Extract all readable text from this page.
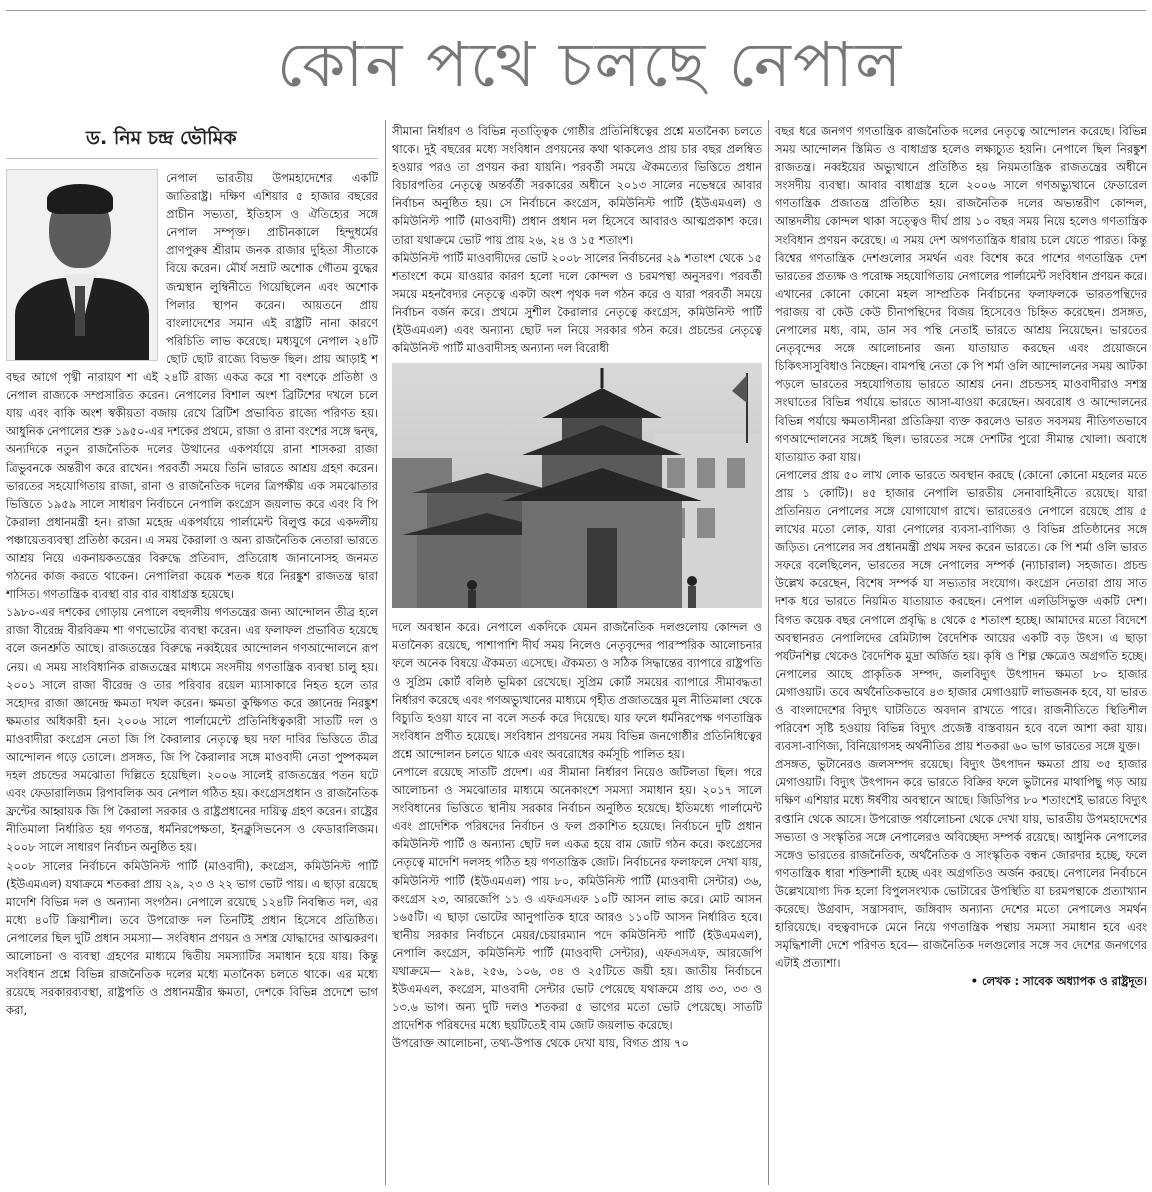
কোন পথে চলছে নেপাল
ড. নিম চন্দ্র ভৌমিক

নেপাল ভারতীয় উপমহাদেশের একটি জাতিরাষ্ট্র। দক্ষিণ এশিয়ার ৫ হাজার বছরের প্রাচীন সভ্যতা, ইতিহাস ও ঐতিহ্যের সঙ্গে নেপাল সম্পৃক্ত। প্রাচীনকালে হিন্দুধর্মের প্রাণপুরুষ শ্রীরাম জনক রাজার দুহিতা সীতাকে বিয়ে করেন। মৌর্য সম্রাট অশোক গৌতম বুদ্ধের জন্মস্থান লুম্বিনীতে গিয়েছিলেন এবং অশোক পিলার স্থাপন করেন। আয়তনে প্রায় বাংলাদেশের সমান এই রাষ্ট্রটি নানা কারণে পরিচিতি লাভ করেছে। মধ্যযুগে নেপাল ২৪টি ছোট ছোট রাজ্যে বিভক্ত ছিল। প্রায় আড়াই শ বছর আগে পৃথ্বী নারায়ণ শা এই ২৪টি রাজ্য একত্র করে শা বংশকে প্রতিষ্ঠা ও নেপাল রাজ্যকে সম্প্রসারিত করেন। নেপালের বিশাল অংশ ব্রিটিশের দখলে চলে যায় এবং বাকি অংশ স্বকীয়তা বজায় রেখে ব্রিটিশ প্রভাবিত রাজ্যে পরিণত হয়। আধুনিক নেপালের শুরু ১৯৫০-এর দশকের প্রথমে, রাজা ও রানা বংশের সঙ্গে দ্বন্দ্ব, অন্যদিকে নতুন রাজনৈতিক দলের উত্থানের একপর্যায়ে রানা শাসকরা রাজা ত্রিভুবনকে অন্তরীণ করে রাখেন। পরবর্তী সময়ে তিনি ভারতে আশ্রয় গ্রহণ করেন। ভারতের সহযোগিতায় রাজা, রানা ও রাজনৈতিক দলের ত্রিপক্ষীয় এক সমঝোতার ভিত্তিতে ১৯৫৯ সালে সাধারণ নির্বাচনে নেপালি কংগ্রেস জয়লাভ করে এবং বি পি কৈরালা প্রধানমন্ত্রী হন। রাজা মহেন্দ্র একপর্যায়ে পার্লামেন্ট বিলুপ্ত করে একদলীয় পঞ্চায়েতব্যবস্থা প্রতিষ্ঠা করেন। এ সময় কৈরালা ও অন্য রাজনৈতিক নেতারা ভারতে আশ্রয় নিয়ে একনায়কতন্ত্রের বিরুদ্ধে প্রতিবাদ, প্রতিরোধ জানানোসহ জনমত গঠনের কাজ করতে থাকেন। নেপালিরা কয়েক শতক ধরে নিরঙ্কুশ রাজতন্ত্র দ্বারা শাসিত। গণতান্ত্রিক ব্যবস্থা বার বার বাধাগ্রস্ত হয়েছে।

১৯৮০-এর দশকের গোড়ায় নেপালে বহুদলীয় গণতন্ত্রের জন্য আন্দোলন তীব্র হলে রাজা বীরেন্দ্র বীরবিক্রম শা গণভোটের ব্যবস্থা করেন। এর ফলাফল প্রভাবিত হয়েছে বলে জনশ্রুতি আছে। রাজতন্ত্রের বিরুদ্ধে নব্বইয়ের আন্দোলন গণআন্দোলনে রূপ নেয়। এ সময় সাংবিধানিক রাজতন্ত্রের মাধ্যমে সংসদীয় গণতান্ত্রিক ব্যবস্থা চালু হয়। ২০০১ সালে রাজা বীরেন্দ্র ও তার পরিবার রয়েল ম্যাসাকারে নিহত হলে তার সহোদর রাজা জ্ঞানেন্দ্র ক্ষমতা দখল করেন। ক্ষমতা কুক্ষিগত করে জ্ঞানেন্দ্র নিরঙ্কুশ ক্ষমতার অধিকারী হন। ২০০৬ সালে পার্লামেন্টে প্রতিনিধিত্বকারী সাতটি দল ও মাওবাদীরা কংগ্রেস নেতা জি পি কৈরালার নেতৃত্বে ছয় দফা দাবির ভিত্তিতে তীব্র আন্দোলন গড়ে তোলে। প্রসঙ্গত, জি পি কৈরালার সঙ্গে মাওবাদী নেতা পুষ্পকমল দহল প্রচন্ডের সমঝোতা দিল্লিতে হয়েছিল। ২০০৬ সালেই রাজতন্ত্রের পতন ঘটে এবং ফেডারালিজম রিপাবলিক অব নেপাল গঠিত হয়। কংগ্রেসপ্রধান ও রাজনৈতিক ফ্রন্টের আহ্বায়ক জি পি কৈরালা সরকার ও রাষ্ট্রপ্রধানের দায়িত্ব গ্রহণ করেন। রাষ্ট্রের নীতিমালা নির্ধারিত হয় গণতন্ত্র, ধর্মনিরপেক্ষতা, ইনক্লুসিভনেস ও ফেডারালিজম। ২০০৮ সালে সাধারণ নির্বাচন অনুষ্ঠিত হয়।

২০০৮ সালের নির্বাচনে কমিউনিস্ট পার্টি (মাওবাদী), কংগ্রেস, কমিউনিস্ট পার্টি (ইউএমএল) যথাক্রমে শতকরা প্রায় ২৯, ২৩ ও ২২ ভাগ ভোট পায়। এ ছাড়া রয়েছে মাদেশি বিভিন্ন দল ও অন্যান্য সংগঠন। নেপালে রয়েছে ১২৪টি নিবন্ধিত দল, এর মধ্যে ৪০টি ক্রিয়াশীল। তবে উপরোক্ত দল তিনটিই প্রধান হিসেবে প্রতিষ্ঠিত। নেপালের ছিল দুটি প্রধান সমস্যা— সংবিধান প্রণয়ন ও সশস্ত্র যোদ্ধাদের আত্মকরণ। আলোচনা ও ব্যবস্থা গ্রহণের মাধ্যমে দ্বিতীয় সমস্যাটির সমাধান হয়ে যায়। কিন্তু সংবিধান প্রশ্নে বিভিন্ন রাজনৈতিক দলের মধ্যে মতানৈক্য চলতে থাকে। এর মধ্যে রয়েছে সরকারব্যবস্থা, রাষ্ট্রপতি ও প্রধানমন্ত্রীর ক্ষমতা, দেশকে বিভিন্ন প্রদেশে ভাগ করা,

সীমানা নির্ধারণ ও বিভিন্ন নৃতাত্ত্বিক গোষ্ঠীর প্রতিনিধিত্বের প্রশ্নে মতানৈক্য চলতে থাকে। দুই বছরের মধ্যে সংবিধান প্রণয়নের কথা থাকলেও প্রায় চার বছর প্রলম্বিত হওয়ার পরও তা প্রণয়ন করা যায়নি। পরবর্তী সময়ে ঐকমত্যের ভিত্তিতে প্রধান বিচারপতির নেতৃত্বে অন্তর্বর্তী সরকারের অধীনে ২০১৩ সালের নভেম্বরে আবার নির্বাচন অনুষ্ঠিত হয়। সে নির্বাচনে কংগ্রেস, কমিউনিস্ট পার্টি (ইউএমএল) ও কমিউনিস্ট পার্টি (মাওবাদী) প্রধান প্রধান দল হিসেবে আবারও আত্মপ্রকাশ করে। তারা যথাক্রমে ভোট পায় প্রায় ২৬, ২৪ ও ১৫ শতাংশ।

কমিউনিস্ট পার্টি মাওবাদীদের ভোট ২০০৮ সালের নির্বাচনের ২৯ শতাংশ থেকে ১৫ শতাংশে কমে যাওয়ার কারণ হলো দলে কোন্দল ও চরমপন্থা অনুসরণ। পরবর্তী সময়ে মহনবৈদ্যর নেতৃত্বে একটা অংশ পৃথক দল গঠন করে ও যারা পরবর্তী সময়ে নির্বাচন বর্জন করে। প্রথমে সুশীল কৈরালার নেতৃত্বে কংগ্রেস, কমিউনিস্ট পার্টি (ইউএমএল) এবং অন্যান্য ছোট দল নিয়ে সরকার গঠন করে। প্রচন্ডের নেতৃত্বে কমিউনিস্ট পার্টি মাওবাদীসহ অন্যান্য দল বিরোধী

দলে অবস্থান করে। নেপালে একদিকে যেমন রাজনৈতিক দলগুলোয় কোন্দল ও মতানৈক্য রয়েছে, পাশাপাশি দীর্ঘ সময় নিলেও নেতৃবৃন্দের পারস্পরিক আলোচনার ফলে অনেক বিষয়ে ঐকমত্য এসেছে। ঐকমত্য ও সঠিক সিদ্ধান্তের ব্যাপারে রাষ্ট্রপতি ও সুপ্রিম কোর্ট বলিষ্ঠ ভূমিকা রেখেছে। সুপ্রিম কোর্ট সময়ের ব্যাপারে সীমাবদ্ধতা নির্ধারণ করেছে এবং গণঅভ্যুত্থানের মাধ্যমে গৃহীত প্রজাতন্ত্রের মূল নীতিমালা থেকে বিচ্যুতি হওয়া যাবে না বলে সতর্ক করে দিয়েছে। যার ফলে ধর্মনিরপেক্ষ গণতান্ত্রিক সংবিধান প্রণীত হয়েছে। সংবিধান প্রণয়নের সময় বিভিন্ন জনগোষ্ঠীর প্রতিনিধিত্বের প্রশ্নে আন্দোলন চলতে থাকে এবং অবরোধের কর্মসূচি পালিত হয়।

নেপালে রয়েছে সাতটি প্রদেশ। এর সীমানা নির্ধারণ নিয়েও জটিলতা ছিল। পরে আলোচনা ও সমঝোতার মাধ্যমে অনেকাংশে সমস্যা সমাধান হয়। ২০১৭ সালে সংবিধানের ভিত্তিতে স্থানীয় সরকার নির্বাচন অনুষ্ঠিত হয়েছে। ইতিমধ্যে পার্লামেন্ট এবং প্রাদেশিক পরিষদের নির্বাচন ও ফল প্রকাশিত হয়েছে। নির্বাচনে দুটি প্রধান কমিউনিস্ট পার্টি ও অন্যান্য ছোট দল একত্র হয়ে বাম জোট গঠন করে। কংগ্রেসের নেতৃত্বে মাদেশি দলসহ গঠিত হয় গণতান্ত্রিক জোট। নির্বাচনের ফলাফলে দেখা যায়, কমিউনিস্ট পার্টি (ইউএমএল) পায় ৮০, কমিউনিস্ট পার্টি (মাওবাদী সেন্টার) ৩৬, কংগ্রেস ২৩, আরজেপি ১১ ও এফএসএফ ১০টি আসন লাভ করে। মোট আসন ১৬৫টি। এ ছাড়া ভোটের আনুপাতিক হারে আরও ১১০টি আসন নির্ধারিত হবে। স্থানীয় সরকার নির্বাচনে মেয়র/চেয়ারম্যান পদে কমিউনিস্ট পার্টি (ইউএমএল), নেপালি কংগ্রেস, কমিউনিস্ট পার্টি (মাওবাদী সেন্টার), এফএসএফ, আরজেপি যথাক্রমে— ২৯৪, ২৫৬, ১০৬, ৩৪ ও ২৫টিতে জয়ী হয়। জাতীয় নির্বাচনে ইউএমএল, কংগ্রেস, মাওবাদী সেন্টার ভোট পেয়েছে যথাক্রমে প্রায় ৩৩, ৩৩ ও ১৩.৬ ভাগ। অন্য দুটি দলও শতকরা ৫ ভাগের মতো ভোট পেয়েছে। সাতটি প্রাদেশিক পরিষদের মধ্যে ছয়টিতেই বাম জোট জয়লাভ করেছে।

উপরোক্ত আলোচনা, তথ্য-উপাত্ত থেকে দেখা যায়, বিগত প্রায় ৭০

বছর ধরে জনগণ গণতান্ত্রিক রাজনৈতিক দলের নেতৃত্বে আন্দোলন করেছে। বিভিন্ন সময় আন্দোলন স্তিমিত ও বাধাগ্রস্ত হলেও লক্ষ্যচ্যুত হয়নি। নেপালে ছিল নিরঙ্কুশ রাজতন্ত্র। নব্বইয়ের অভ্যুত্থানে প্রতিষ্ঠিত হয় নিয়মতান্ত্রিক রাজতন্ত্রের অধীনে সংসদীয় ব্যবস্থা। আবার বাধাগ্রস্ত হলে ২০০৬ সালে গণঅভ্যুত্থানে ফেডারেল গণতান্ত্রিক প্রজাতন্ত্র প্রতিষ্ঠিত হয়। রাজনৈতিক দলের অভ্যন্তরীণ কোন্দল, আন্তদলীয় কোন্দল থাকা সত্ত্বেও দীর্ঘ প্রায় ১০ বছর সময় নিয়ে হলেও গণতান্ত্রিক সংবিধান প্রণয়ন করেছে। এ সময় দেশ অগণতান্ত্রিক ধারায় চলে যেতে পারত। কিন্তু বিশ্বের গণতান্ত্রিক দেশগুলোর সমর্থন এবং বিশেষ করে পাশের গণতান্ত্রিক দেশ ভারতের প্রত্যক্ষ ও পরোক্ষ সহযোগিতায় নেপালের পার্লামেন্ট সংবিধান প্রণয়ন করে। এখানের কোনো কোনো মহল সাম্প্রতিক নির্বাচনের ফলাফলকে ভারতপন্থিদের পরাজয় বা কেউ কেউ চীনাপন্থিদের বিজয় হিসেবেও চিহ্নিত করেছেন। প্রসঙ্গত, নেপালের মধ্য, বাম, ডান সব পন্থি নেতাই ভারতে আশ্রয় নিয়েছেন। ভারতের নেতৃবৃন্দের সঙ্গে আলোচনার জন্য যাতায়াত করছেন এবং প্রয়োজনে চিকিৎসাসুবিধাও নিচ্ছেন। বামপন্থি নেতা কে পি শর্মা ওলি আন্দোলনের সময় আটকা পড়লে ভারতের সহযোগিতায় ভারতে আশ্রয় নেন। প্রচন্ডসহ মাওবাদীরাও সশস্ত্র সংঘাতের বিভিন্ন পর্যায়ে ভারতে আসা-যাওয়া করেছেন। অবরোধ ও আন্দোলনের বিভিন্ন পর্যায়ে ক্ষমতাসীনরা প্রতিক্রিয়া ব্যক্ত করলেও ভারত সবসময় নীতিগতভাবে গণআন্দোলনের সঙ্গেই ছিল। ভারতের সঙ্গে দেশটির পুরো সীমান্ত খোলা। অবাধে যাতায়াত করা যায়।

নেপালের প্রায় ৫০ লাখ লোক ভারতে অবস্থান করছে (কোনো কোনো মহলের মতে প্রায় ১ কোটি)। ৪৫ হাজার নেপালি ভারতীয় সেনাবাহিনীতে রয়েছে। যারা প্রতিনিয়ত নেপালের সঙ্গে যোগাযোগ রাখে। ভারতেরও নেপালে রয়েছে প্রায় ৫ লাখের মতো লোক, যারা নেপালের ব্যবসা-বাণিজ্য ও বিভিন্ন প্রতিষ্ঠানের সঙ্গে জড়িত। নেপালের সব প্রধানমন্ত্রী প্রথম সফর করেন ভারতে। কে পি শর্মা ওলি ভারত সফরে বলেছিলেন, ভারতের সঙ্গে নেপালের সম্পর্ক (ন্যাচারাল) সহজাত। প্রচন্ড উল্লেখ করেছেন, বিশেষ সম্পর্ক যা সভ্যতার সংযোগ। কংগ্রেস নেতারা প্রায় সাত দশক ধরে ভারতে নিয়মিত যাতায়াত করছেন। নেপাল এলডিসিভুক্ত একটি দেশ। বিগত কয়েক বছর নেপালে প্রবৃদ্ধি ৪ থেকে ৫ শতাংশ হচ্ছে। আমাদের মতো বিদেশে অবস্থানরত নেপালিদের রেমিট্যান্স বৈদেশিক আয়ের একটি বড় উৎস। এ ছাড়া পর্যটনশিল্প থেকেও বৈদেশিক মুদ্রা অর্জিত হয়। কৃষি ও শিল্প ক্ষেত্রেও অগ্রগতি হচ্ছে। নেপালের আছে প্রাকৃতিক সম্পদ, জলবিদ্যুৎ উৎপাদন ক্ষমতা ৮০ হাজার মেগাওয়াট। তবে অর্থনৈতিকভাবে ৪৩ হাজার মেগাওয়াট লাভজনক হবে, যা ভারত ও বাংলাদেশের বিদ্যুৎ ঘাটতিতে অবদান রাখতে পারে। রাজনীতিতে স্থিতিশীল পরিবেশ সৃষ্টি হওয়ায় বিভিন্ন বিদ্যুৎ প্রজেক্ট বাস্তবায়ন হবে বলে আশা করা যায়। ব্যবসা-বাণিজ্য, বিনিয়োগসহ অর্থনীতির প্রায় শতকরা ৬০ ভাগ ভারতের সঙ্গে যুক্ত।

প্রসঙ্গত, ভুটানেরও জলসম্পদ রয়েছে। বিদ্যুৎ উৎপাদন ক্ষমতা প্রায় ৩৫ হাজার মেগাওয়াট। বিদ্যুৎ উৎপাদন করে ভারতে বিক্রির ফলে ভুটানের মাথাপিছু গড় আয় দক্ষিণ এশিয়ার মধ্যে ঈর্ষণীয় অবস্থানে আছে। জিডিপির ৮০ শতাংশেই ভারতে বিদ্যুৎ রপ্তানি থেকে আসে। উপরোক্ত পর্যালোচনা থেকে দেখা যায়, ভারতীয় উপমহাদেশের সভ্যতা ও সংস্কৃতির সঙ্গে নেপালেরও অবিচ্ছেদ্য সম্পর্ক রয়েছে। আধুনিক নেপালের সঙ্গেও ভারতের রাজনৈতিক, অর্থনৈতিক ও সাংস্কৃতিক বন্ধন জোরদার হচ্ছে, ফলে গণতান্ত্রিক ধারা শক্তিশালী হচ্ছে এবং অগ্রগতিও অর্জন করছে। নেপালের নির্বাচনে উল্লেখযোগ্য দিক হলো বিপুলসংখ্যক ভোটারের উপস্থিতি যা চরমপন্থাকে প্রত্যাখ্যান করেছে। উগ্রবাদ, সন্ত্রাসবাদ, জঙ্গিবাদ অন্যান্য দেশের মতো নেপালেও সমর্থন হারিয়েছে। বহুত্ববাদকে মেনে নিয়ে গণতান্ত্রিক পন্থায় সমস্যা সমাধান হবে এবং সমৃদ্ধিশালী দেশে পরিণত হবে— রাজনৈতিক দলগুলোর সঙ্গে সব দেশের জনগণের এটাই প্রত্যাশা।

• লেখক : সাবেক অধ্যাপক ও রাষ্ট্রদূত।
